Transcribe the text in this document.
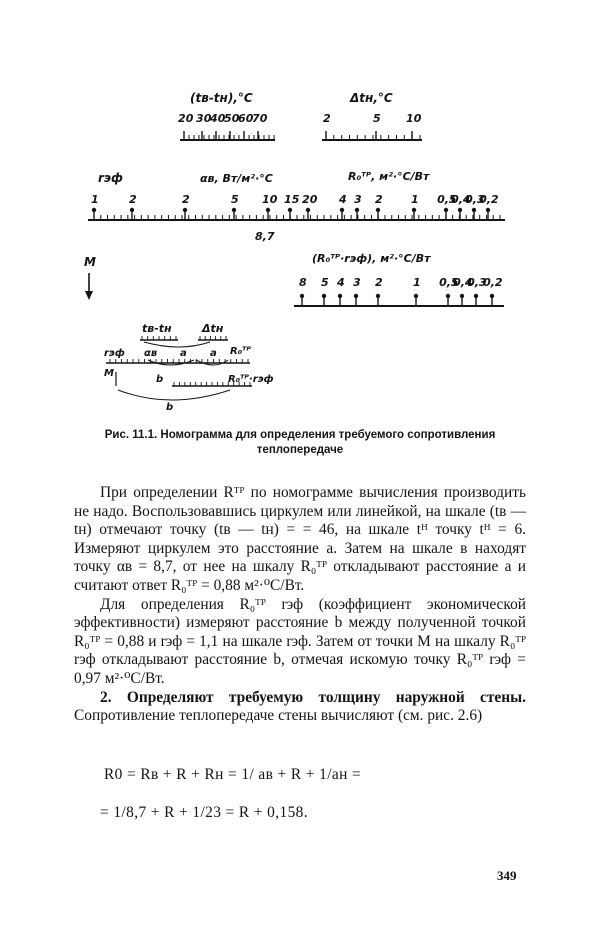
(tв-tн),°C
20 30
40
50
60
70
Δtн,°C
2	5 10
rэф	αв, Вт/м²·°C	R₀ᵀᴾ, м²·°C/Вт
1	2	2	5 10 15 20 4 3 2	1 0,5
0,4
0,3
0,2
8,7
M	(R₀ᵀᴾ·rэф), м²·°C/Вт
8 5 4 3 2	1 0,5
0,4
0,3
0,2
tв-tн	Δtн
rэф αв a a R₀ᵀᴾ
M
b	R₀ᵀᴾ·rэф
b
Рис. 11.1. Номограмма для определения требуемого сопротивления теплопередаче

При определении Rᵀᴾ по номограмме вычисления производить не надо. Воспользовавшись циркулем или линейкой, на шкале (tв — tн) отмечают точку (tв — tн) = = 46, на шкале tᴴ точку tᴴ = 6. Измеряют циркулем это расстояние a. Затем на шкале в находят точку αв = 8,7, от нее на шкалу R₀ᵀᴾ откладывают расстояние a и считают ответ R₀ᵀᴾ = 0,88 м²·⁰C/Вт.

Для определения R₀ᵀᴾ rэф (коэффициент экономической эффективности) измеряют расстояние b между полученной точкой R₀ᵀᴾ = 0,88 и rэф = 1,1 на шкале rэф. Затем от точки M на шкалу R₀ᵀᴾ rэф откладывают расстояние b, отмечая искомую точку R₀ᵀᴾ rэф = 0,97 м²·⁰C/Вт.

2. Определяют требуемую толщину наружной стены. Сопротивление теплопередаче стены вычисляют (см. рис. 2.6)

R0 = Rв + R + Rн = 1/ aв + R + 1/aн =
= 1/8,7 + R + 1/23 = R + 0,158.
349
